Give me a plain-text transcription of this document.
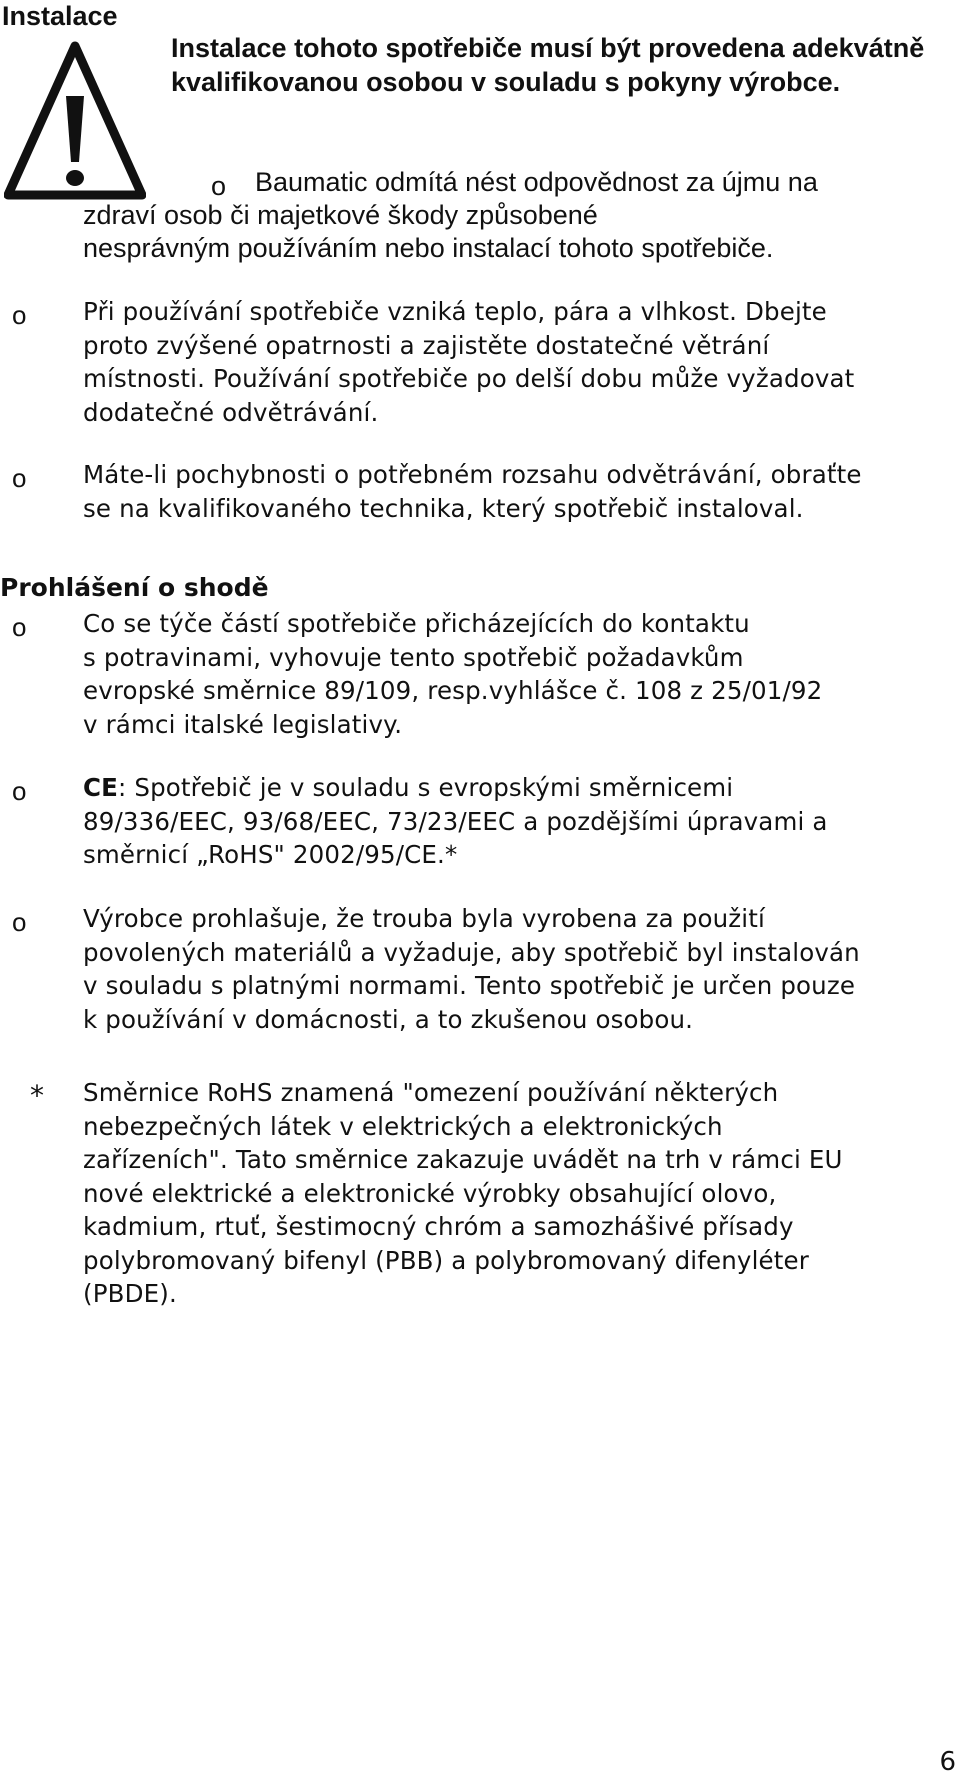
Instalace
Instalace tohoto spotřebiče musí být provedena adekvátně kvalifikovanou osobou v souladu s pokyny výrobce.
o	Baumatic odmítá nést odpovědnost za újmu na
zdraví osob či majetkové škody způsobené
nesprávným používáním nebo instalací tohoto spotřebiče.
o	Při používání spotřebiče vzniká teplo, pára a vlhkost. Dbejte
proto zvýšené opatrnosti a zajistěte dostatečné větrání
místnosti. Používání spotřebiče po delší dobu může vyžadovat
dodatečné odvětrávání.
o	Máte-li pochybnosti o potřebném rozsahu odvětrávání, obraťte
se na kvalifikovaného technika, který spotřebič instaloval.
Prohlášení o shodě
o	Co se týče částí spotřebiče přicházejících do kontaktu
s potravinami, vyhovuje tento spotřebič požadavkům
evropské směrnice 89/109, resp.vyhlášce č. 108 z 25/01/92
v rámci italské legislativy.
o	CE: Spotřebič je v souladu s evropskými směrnicemi
89/336/EEC, 93/68/EEC, 73/23/EEC a pozdějšími úpravami a
směrnicí „RoHS" 2002/95/CE.*
o	Výrobce prohlašuje, že trouba byla vyrobena za použití
povolených materiálů a vyžaduje, aby spotřebič byl instalován
v souladu s platnými normami. Tento spotřebič je určen pouze
k používání v domácnosti, a to zkušenou osobou.
* Směrnice RoHS znamená "omezení používání některých
nebezpečných látek v elektrických a elektronických
zařízeních". Tato směrnice zakazuje uvádět na trh v rámci EU
nové elektrické a elektronické výrobky obsahující olovo,
kadmium, rtuť, šestimocný chróm a samozhášivé přísady
polybromovaný bifenyl (PBB) a polybromovaný difenyléter
(PBDE).
6
